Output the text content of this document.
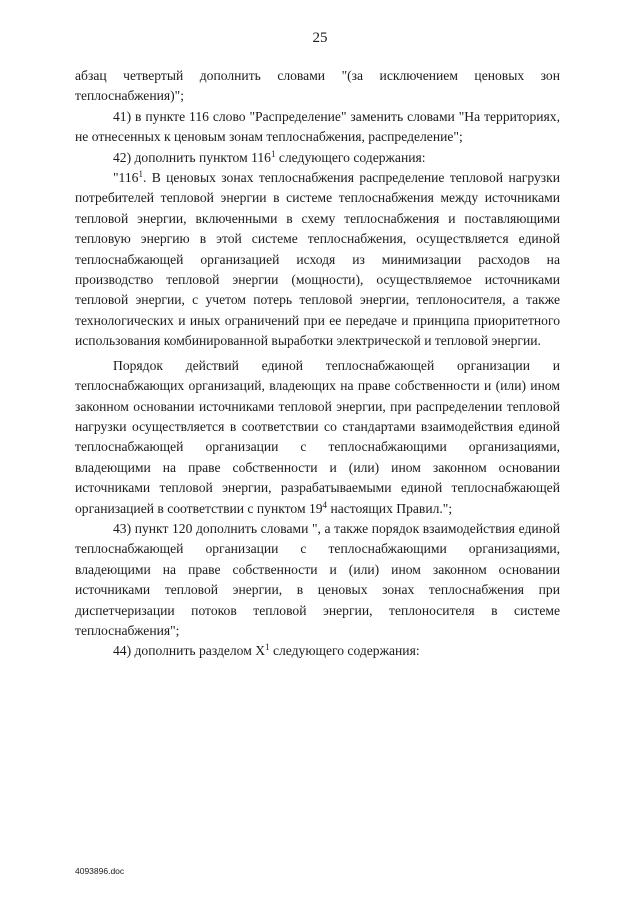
25

абзац четвертый дополнить словами "(за исключением ценовых зон теплоснабжения)";

41) в пункте 116 слово "Распределение" заменить словами "На территориях, не отнесенных к ценовым зонам теплоснабжения, распределение";

42) дополнить пунктом $116^1$ следующего содержания:

"$116^1$. В ценовых зонах теплоснабжения распределение тепловой нагрузки потребителей тепловой энергии в системе теплоснабжения между источниками тепловой энергии, включенными в схему теплоснабжения и поставляющими тепловую энергию в этой системе теплоснабжения, осуществляется единой теплоснабжающей организацией исходя из минимизации расходов на производство тепловой энергии (мощности), осуществляемое источниками тепловой энергии, с учетом потерь тепловой энергии, теплоносителя, а также технологических и иных ограничений при ее передаче и принципа приоритетного использования комбинированной выработки электрической и тепловой энергии.

Порядок действий единой теплоснабжающей организации и теплоснабжающих организаций, владеющих на праве собственности и (или) ином законном основании источниками тепловой энергии, при распределении тепловой нагрузки осуществляется в соответствии со стандартами взаимодействия единой теплоснабжающей организации с теплоснабжающими организациями, владеющими на праве собственности и (или) ином законном основании источниками тепловой энергии, разрабатываемыми единой теплоснабжающей организацией в соответствии с пунктом $19^4$ настоящих Правил.";

43) пункт 120 дополнить словами ", а также порядок взаимодействия единой теплоснабжающей организации с теплоснабжающими организациями, владеющими на праве собственности и (или) ином законном основании источниками тепловой энергии, в ценовых зонах теплоснабжения при диспетчеризации потоков тепловой энергии, теплоносителя в системе теплоснабжения";

44) дополнить разделом $X^1$ следующего содержания:

4093896.doc
